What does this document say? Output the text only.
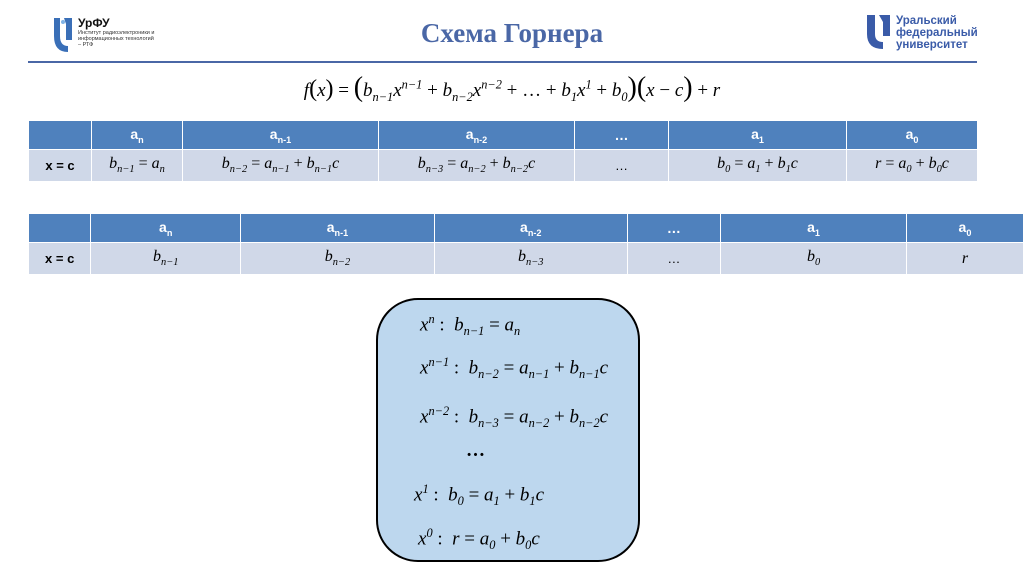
УрФУ
Институт радиоэлектроники и информационных технологий – РТФ	Схема Горнера	Уральский
федеральный
университет
$f(x) = (b_{n-1}x^{n-1} + b_{n-2}x^{n-2}$ + … + $b_1x^1 + b_0)(x - c) + r$
	$a_n$	$a_{n-1}$	$a_{n-2}$	…	$a_1$	$a_0$
x = c	$b_{n-1} = a_n$	$b_{n-2} = a_{n-1} + b_{n-1}c$	$b_{n-3} = a_{n-2} + b_{n-2}c$	…	$b_0 = a_1 + b_1c$	$r = a_0 + b_0c$
	$a_n$	$a_{n-1}$	$a_{n-2}$	…	$a_1$	$a_0$
x = c	$b_{n-1}$	$b_{n-2}$	$b_{n-3}$	…	$b_0$	r
$x^n$ :  $b_{n-1} = a_n$
$x^{n-1}$ :  $b_{n-2} = a_{n-1} + b_{n-1}c$
$x^{n-2}$ :  $b_{n-3} = a_{n-2} + b_{n-2}c$
…
$x^1$ :  $b_0 = a_1 + b_1c$
$x^0$ :  $r = a_0 + b_0c$
